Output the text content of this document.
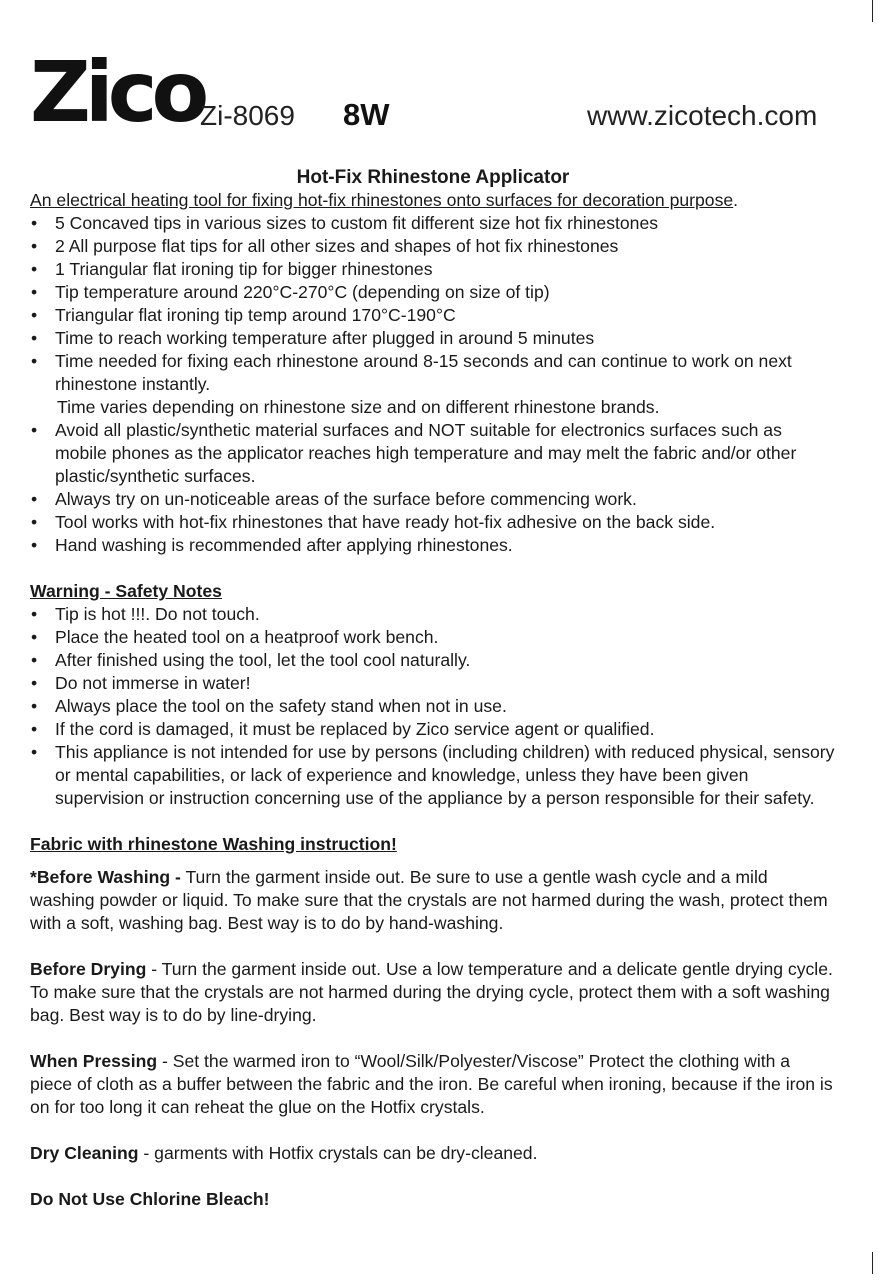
Zico
Zi-8069 8W	www.zicotech.com

Hot-Fix Rhinestone Applicator

An electrical heating tool for fixing hot-fix rhinestones onto surfaces for decoration purpose.

• 5 Concaved tips in various sizes to custom fit different size hot fix rhinestones
• 2 All purpose flat tips for all other sizes and shapes of hot fix rhinestones
• 1 Triangular flat ironing tip for bigger rhinestones
• Tip temperature around 220°C-270°C (depending on size of tip)
• Triangular flat ironing tip temp around 170°C-190°C
• Time to reach working temperature after plugged in around 5 minutes
• Time needed for fixing each rhinestone around 8-15 seconds and can continue to work on next rhinestone instantly.

Time varies depending on rhinestone size and on different rhinestone brands.

• Avoid all plastic/synthetic material surfaces and NOT suitable for electronics surfaces such as mobile phones as the applicator reaches high temperature and may melt the fabric and/or other plastic/synthetic surfaces.
• Always try on un-noticeable areas of the surface before commencing work.
• Tool works with hot-fix rhinestones that have ready hot-fix adhesive on the back side.
• Hand washing is recommended after applying rhinestones.

Warning - Safety Notes

• Tip is hot !!!. Do not touch.
• Place the heated tool on a heatproof work bench.
• After finished using the tool, let the tool cool naturally.
• Do not immerse in water!
• Always place the tool on the safety stand when not in use.
• If the cord is damaged, it must be replaced by Zico service agent or qualified.
• This appliance is not intended for use by persons (including children) with reduced physical, sensory or mental capabilities, or lack of experience and knowledge, unless they have been given supervision or instruction concerning use of the appliance by a person responsible for their safety.

Fabric with rhinestone Washing instruction!

*Before Washing - Turn the garment inside out. Be sure to use a gentle wash cycle and a mild washing powder or liquid. To make sure that the crystals are not harmed during the wash, protect them with a soft, washing bag. Best way is to do by hand-washing.

Before Drying - Turn the garment inside out. Use a low temperature and a delicate gentle drying cycle. To make sure that the crystals are not harmed during the drying cycle, protect them with a soft washing bag. Best way is to do by line-drying.

When Pressing - Set the warmed iron to “Wool/Silk/Polyester/Viscose” Protect the clothing with a piece of cloth as a buffer between the fabric and the iron. Be careful when ironing, because if the iron is on for too long it can reheat the glue on the Hotfix crystals.

Dry Cleaning - garments with Hotfix crystals can be dry-cleaned.

Do Not Use Chlorine Bleach!
